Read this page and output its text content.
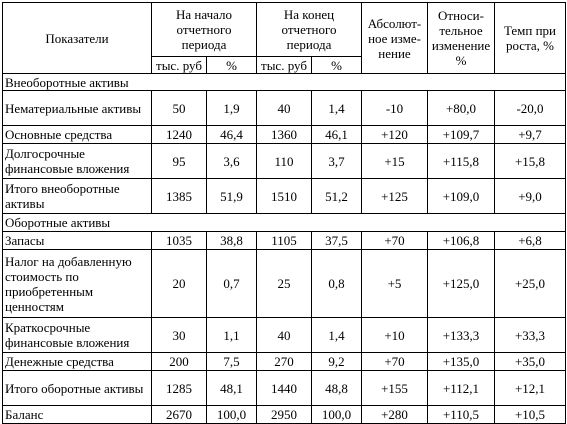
Показатели	На начало отчетного периода		На конец отчетного периода		Абсолют-ное изме-нение	Относи-тельное изменение %	Темп при роста, %
	тыс. руб	%	тыс. руб	%			
Внеоборотные активы							
Нематериальные активы	50	1,9	40	1,4	-10	+80,0	-20,0
Основные средства	1240	46,4	1360	46,1	+120	+109,7	+9,7
Долгосрочные финансовые вложения	95	3,6	110	3,7	+15	+115,8	+15,8
Итого внеоборотные активы	1385	51,9	1510	51,2	+125	+109,0	+9,0
Оборотные активы							
Запасы	1035	38,8	1105	37,5	+70	+106,8	+6,8
Налог на добавленную стоимость по приобретенным ценностям	20	0,7	25	0,8	+5	+125,0	+25,0
Краткосрочные финансовые вложения	30	1,1	40	1,4	+10	+133,3	+33,3
Денежные средства	200	7,5	270	9,2	+70	+135,0	+35,0
Итого оборотные активы	1285	48,1	1440	48,8	+155	+112,1	+12,1
Баланс	2670	100,0	2950	100,0	+280	+110,5	+10,5
